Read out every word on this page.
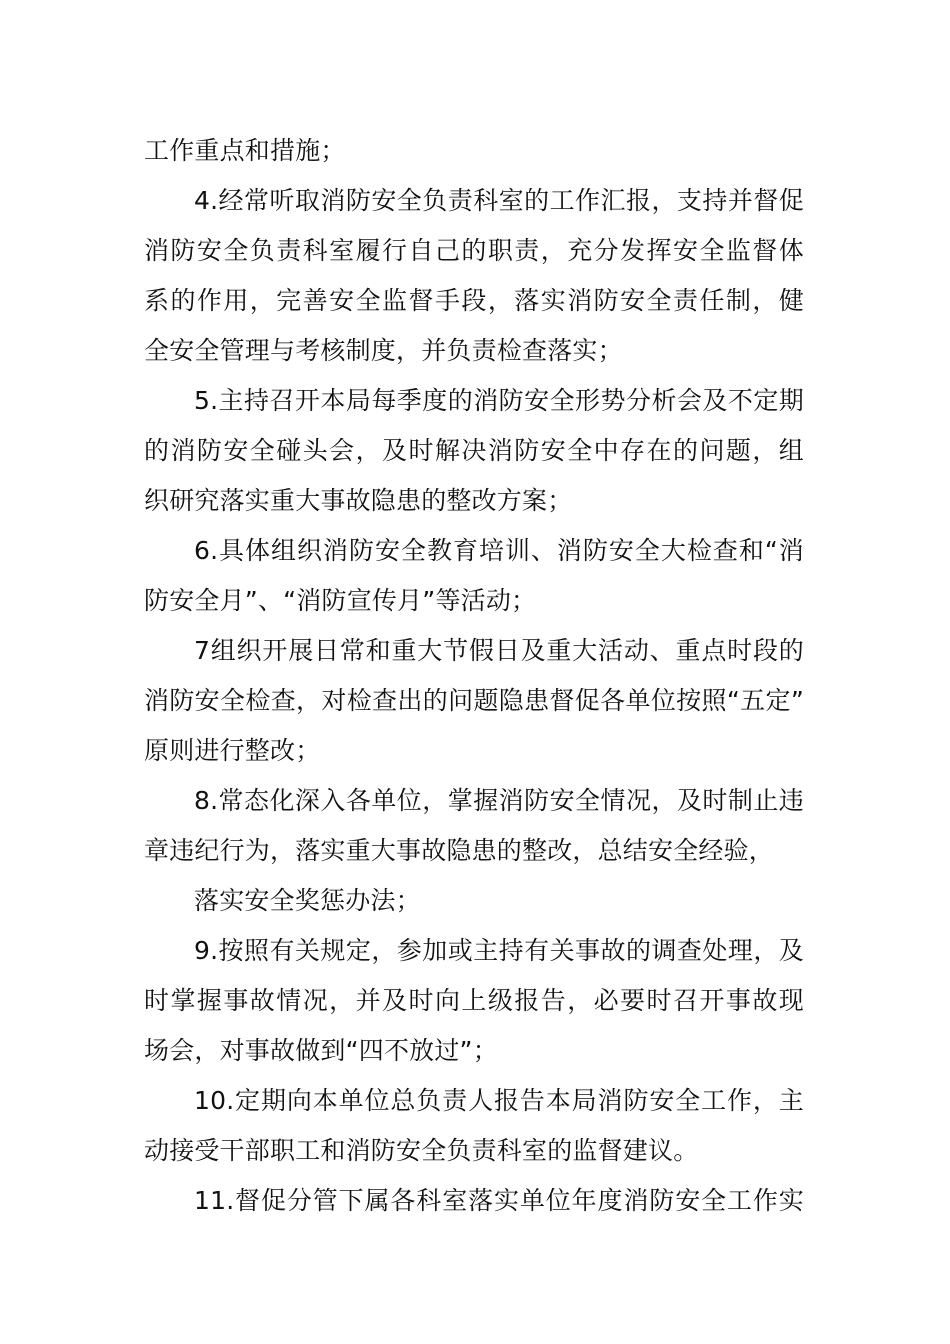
工作重点和措施；
4.经常听取消防安全负责科室的工作汇报，支持并督促
消防安全负责科室履行自己的职责，充分发挥安全监督体
系的作用，完善安全监督手段，落实消防安全责任制，健
全安全管理与考核制度，并负责检查落实；
5.主持召开本局每季度的消防安全形势分析会及不定期
的消防安全碰头会，及时解决消防安全中存在的问题，组
织研究落实重大事故隐患的整改方案；
6.具体组织消防安全教育培训、消防安全大检查和“消
防安全月”、“消防宣传月”等活动；
7组织开展日常和重大节假日及重大活动、重点时段的
消防安全检查，对检查出的问题隐患督促各单位按照“五定”
原则进行整改；
8.常态化深入各单位，掌握消防安全情况，及时制止违
章违纪行为，落实重大事故隐患的整改，总结安全经验，
落实安全奖惩办法；
9.按照有关规定，参加或主持有关事故的调查处理，及
时掌握事故情况，并及时向上级报告，必要时召开事故现
场会，对事故做到“四不放过”；
10.定期向本单位总负责人报告本局消防安全工作，主
动接受干部职工和消防安全负责科室的监督建议。
11.督促分管下属各科室落实单位年度消防安全工作实
